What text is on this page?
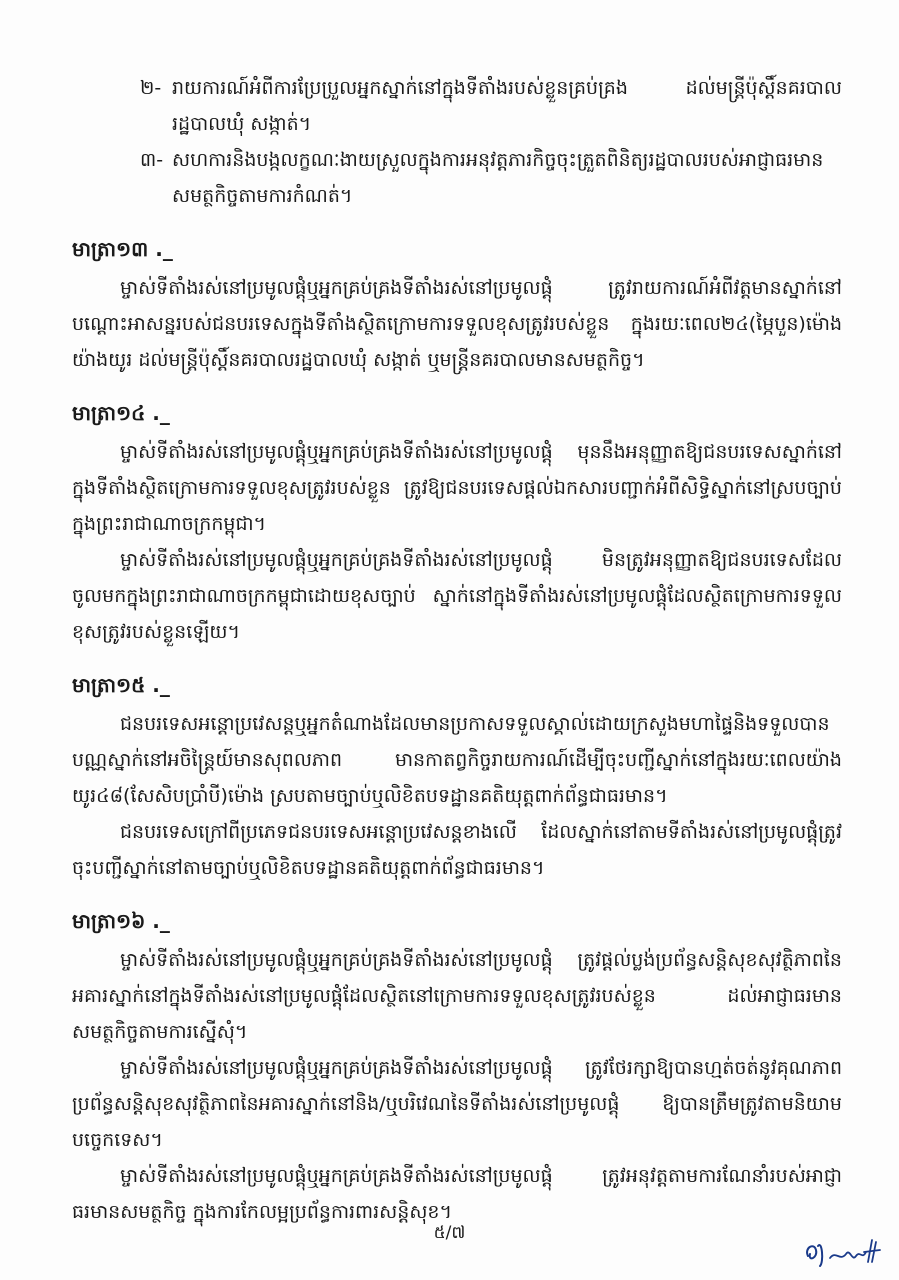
២- រាយការណ៍អំពីការប្រែប្រួលអ្នកស្នាក់នៅក្នុងទីតាំងរបស់ខ្លួនគ្រប់គ្រង ដល់មន្ត្រីប៉ុស្តិ៍នគរបាលរដ្ឋបាលឃុំ សង្កាត់។
៣- សហការនិងបង្កលក្ខណៈងាយស្រួលក្នុងការអនុវត្តភារកិច្ចចុះត្រួតពិនិត្យរដ្ឋបាលរបស់អាជ្ញាធរមានសមត្ថកិច្ចតាមការកំណត់។
មាត្រា១៣ ._

ម្ចាស់ទីតាំងរស់នៅប្រមូលផ្តុំឬអ្នកគ្រប់គ្រងទីតាំងរស់នៅប្រមូលផ្តុំ ត្រូវរាយការណ៍អំពីវត្តមានស្នាក់នៅបណ្ដោះអាសន្នរបស់ជនបរទេសក្នុងទីតាំងស្ថិតក្រោមការទទួលខុសត្រូវរបស់ខ្លួន ក្នុងរយៈពេល២៤(ម្ភៃបួន)ម៉ោងយ៉ាងយូរ ដល់មន្ត្រីប៉ុស្តិ៍នគរបាលរដ្ឋបាលឃុំ សង្កាត់ ឬមន្ត្រីនគរបាលមានសមត្ថកិច្ច។

មាត្រា១៤ ._

ម្ចាស់ទីតាំងរស់នៅប្រមូលផ្តុំឬអ្នកគ្រប់គ្រងទីតាំងរស់នៅប្រមូលផ្តុំ មុននឹងអនុញ្ញាតឱ្យជនបរទេសស្នាក់នៅក្នុងទីតាំងស្ថិតក្រោមការទទួលខុសត្រូវរបស់ខ្លួន ត្រូវឱ្យជនបរទេសផ្តល់ឯកសារបញ្ជាក់អំពីសិទ្ធិស្នាក់នៅស្របច្បាប់ក្នុងព្រះរាជាណាចក្រកម្ពុជា។

ម្ចាស់ទីតាំងរស់នៅប្រមូលផ្តុំឬអ្នកគ្រប់គ្រងទីតាំងរស់នៅប្រមូលផ្តុំ មិនត្រូវអនុញ្ញាតឱ្យជនបរទេសដែលចូលមកក្នុងព្រះរាជាណាចក្រកម្ពុជាដោយខុសច្បាប់ ស្នាក់នៅក្នុងទីតាំងរស់នៅប្រមូលផ្តុំដែលស្ថិតក្រោមការទទួលខុសត្រូវរបស់ខ្លួនឡើយ។

មាត្រា១៥ ._

ជនបរទេសអន្តោប្រវេសន្តឬអ្នកតំណាងដែលមានប្រកាសទទួលស្គាល់ដោយក្រសួងមហាផ្ទៃនិងទទួលបានបណ្ណស្នាក់នៅអចិន្ត្រៃយ៍មានសុពលភាព មានកាតព្វកិច្ចរាយការណ៍ដើម្បីចុះបញ្ជីស្នាក់នៅក្នុងរយៈពេលយ៉ាងយូរ៤៨(សែសិបប្រាំបី)ម៉ោង ស្របតាមច្បាប់ឬលិខិតបទដ្ឋានគតិយុត្តពាក់ព័ន្ធជាធរមាន។

ជនបរទេសក្រៅពីប្រភេទជនបរទេសអន្តោប្រវេសន្តខាងលើ ដែលស្នាក់នៅតាមទីតាំងរស់នៅប្រមូលផ្តុំត្រូវចុះបញ្ជីស្នាក់នៅតាមច្បាប់ឬលិខិតបទដ្ឋានគតិយុត្តពាក់ព័ន្ធជាធរមាន។

មាត្រា១៦ ._

ម្ចាស់ទីតាំងរស់នៅប្រមូលផ្តុំឬអ្នកគ្រប់គ្រងទីតាំងរស់នៅប្រមូលផ្តុំ ត្រូវផ្តល់ប្លង់ប្រព័ន្ធសន្តិសុខសុវត្ថិភាពនៃអគារស្នាក់នៅក្នុងទីតាំងរស់នៅប្រមូលផ្តុំដែលស្ថិតនៅក្រោមការទទួលខុសត្រូវរបស់ខ្លួន ដល់អាជ្ញាធរមានសមត្ថកិច្ចតាមការស្នើសុំ។

ម្ចាស់ទីតាំងរស់នៅប្រមូលផ្តុំឬអ្នកគ្រប់គ្រងទីតាំងរស់នៅប្រមូលផ្តុំ ត្រូវថែរក្សាឱ្យបានហ្មត់ចត់នូវគុណភាពប្រព័ន្ធសន្តិសុខសុវត្ថិភាពនៃអគារស្នាក់នៅនិង/ឬបរិវេណនៃទីតាំងរស់នៅប្រមូលផ្តុំ ឱ្យបានត្រឹមត្រូវតាមនិយាមបច្ចេកទេស។

ម្ចាស់ទីតាំងរស់នៅប្រមូលផ្តុំឬអ្នកគ្រប់គ្រងទីតាំងរស់នៅប្រមូលផ្តុំ ត្រូវអនុវត្តតាមការណែនាំរបស់អាជ្ញាធរមានសមត្ថកិច្ច ក្នុងការកែលម្អប្រព័ន្ធការពារសន្តិសុខ។

៥/៧
